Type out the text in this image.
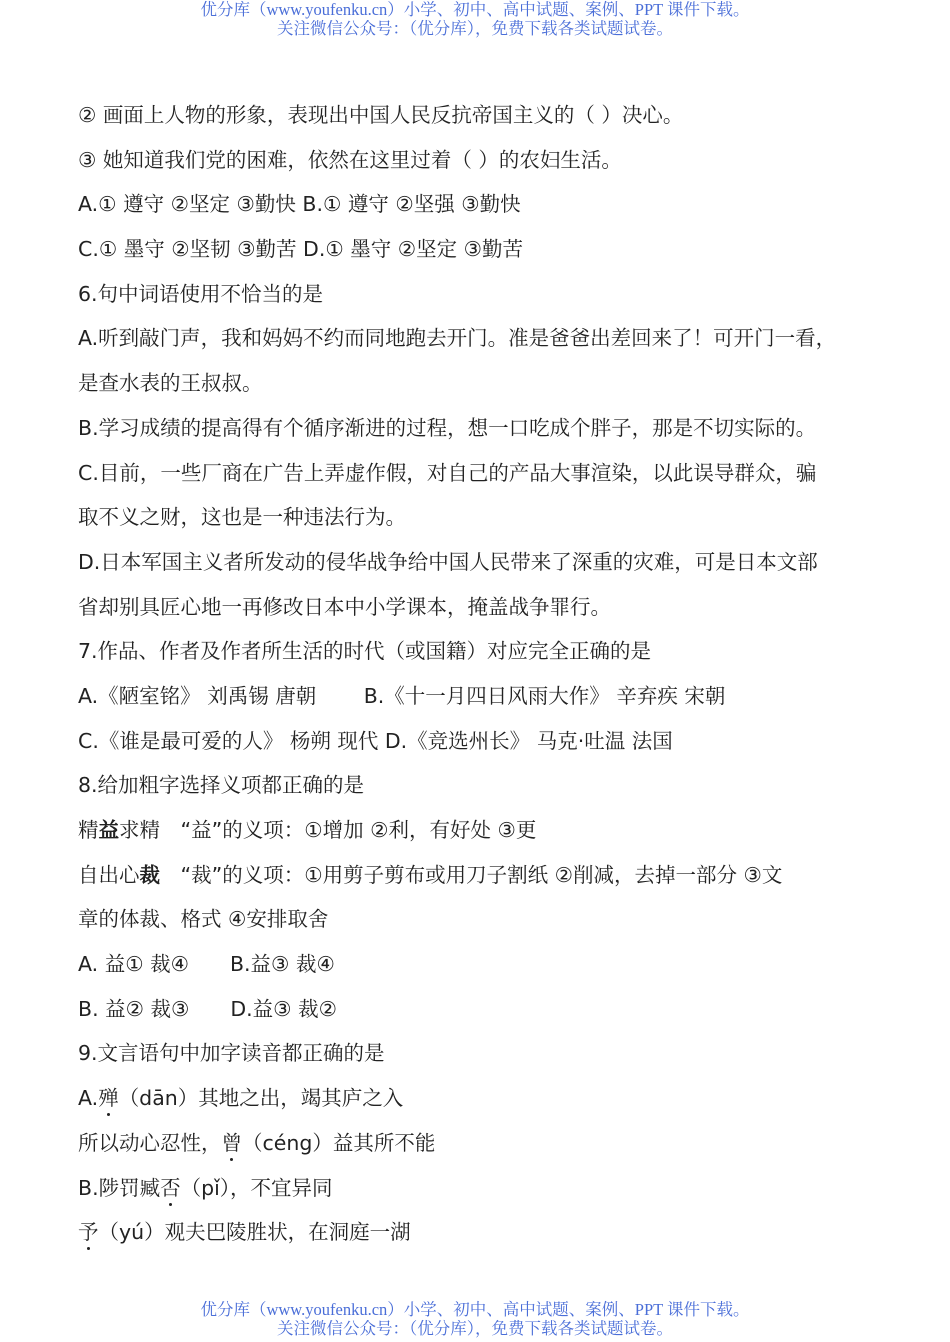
优分库（www.youfenku.cn）小学、初中、高中试题、案例、PPT 课件下载。
关注微信公众号：（优分库），免费下载各类试题试卷。
② 画面上人物的形象，表现出中国人民反抗帝国主义的（ ）决心。
③ 她知道我们党的困难，依然在这里过着（ ）的农妇生活。
A.① 遵守 ②坚定 ③勤快 B.① 遵守 ②坚强 ③勤快
C.① 墨守 ②坚韧 ③勤苦 D.① 墨守 ②坚定 ③勤苦
6.句中词语使用不恰当的是
A.听到敲门声，我和妈妈不约而同地跑去开门。准是爸爸出差回来了！可开门一看，
是查水表的王叔叔。
B.学习成绩的提高得有个循序渐进的过程，想一口吃成个胖子，那是不切实际的。
C.目前，一些厂商在广告上弄虚作假，对自己的产品大事渲染，以此误导群众，骗
取不义之财，这也是一种违法行为。
D.日本军国主义者所发动的侵华战争给中国人民带来了深重的灾难，可是日本文部
省却别具匠心地一再修改日本中小学课本，掩盖战争罪行。
7.作品、作者及作者所生活的时代（或国籍）对应完全正确的是
A.《陋室铭》 刘禹锡 唐朝　　 B.《十一月四日风雨大作》 辛弃疾 宋朝
C.《谁是最可爱的人》 杨朔 现代 D.《竞选州长》 马克·吐温 法国
8.给加粗字选择义项都正确的是
精益求精　“益”的义项：①增加 ②利，有好处 ③更
自出心裁　“裁”的义项：①用剪子剪布或用刀子割纸 ②削减，去掉一部分 ③文
章的体裁、格式 ④安排取舍
A. 益① 裁④　　B.益③ 裁④
B. 益② 裁③　　D.益③ 裁②
9.文言语句中加字读音都正确的是
A.殚（dān）其地之出，竭其庐之入
所以动心忍性，曾（céng）益其所不能
B.陟罚臧否（pǐ），不宜异同
予（yú）观夫巴陵胜状，在洞庭一湖
优分库（www.youfenku.cn）小学、初中、高中试题、案例、PPT 课件下载。
关注微信公众号：（优分库），免费下载各类试题试卷。
